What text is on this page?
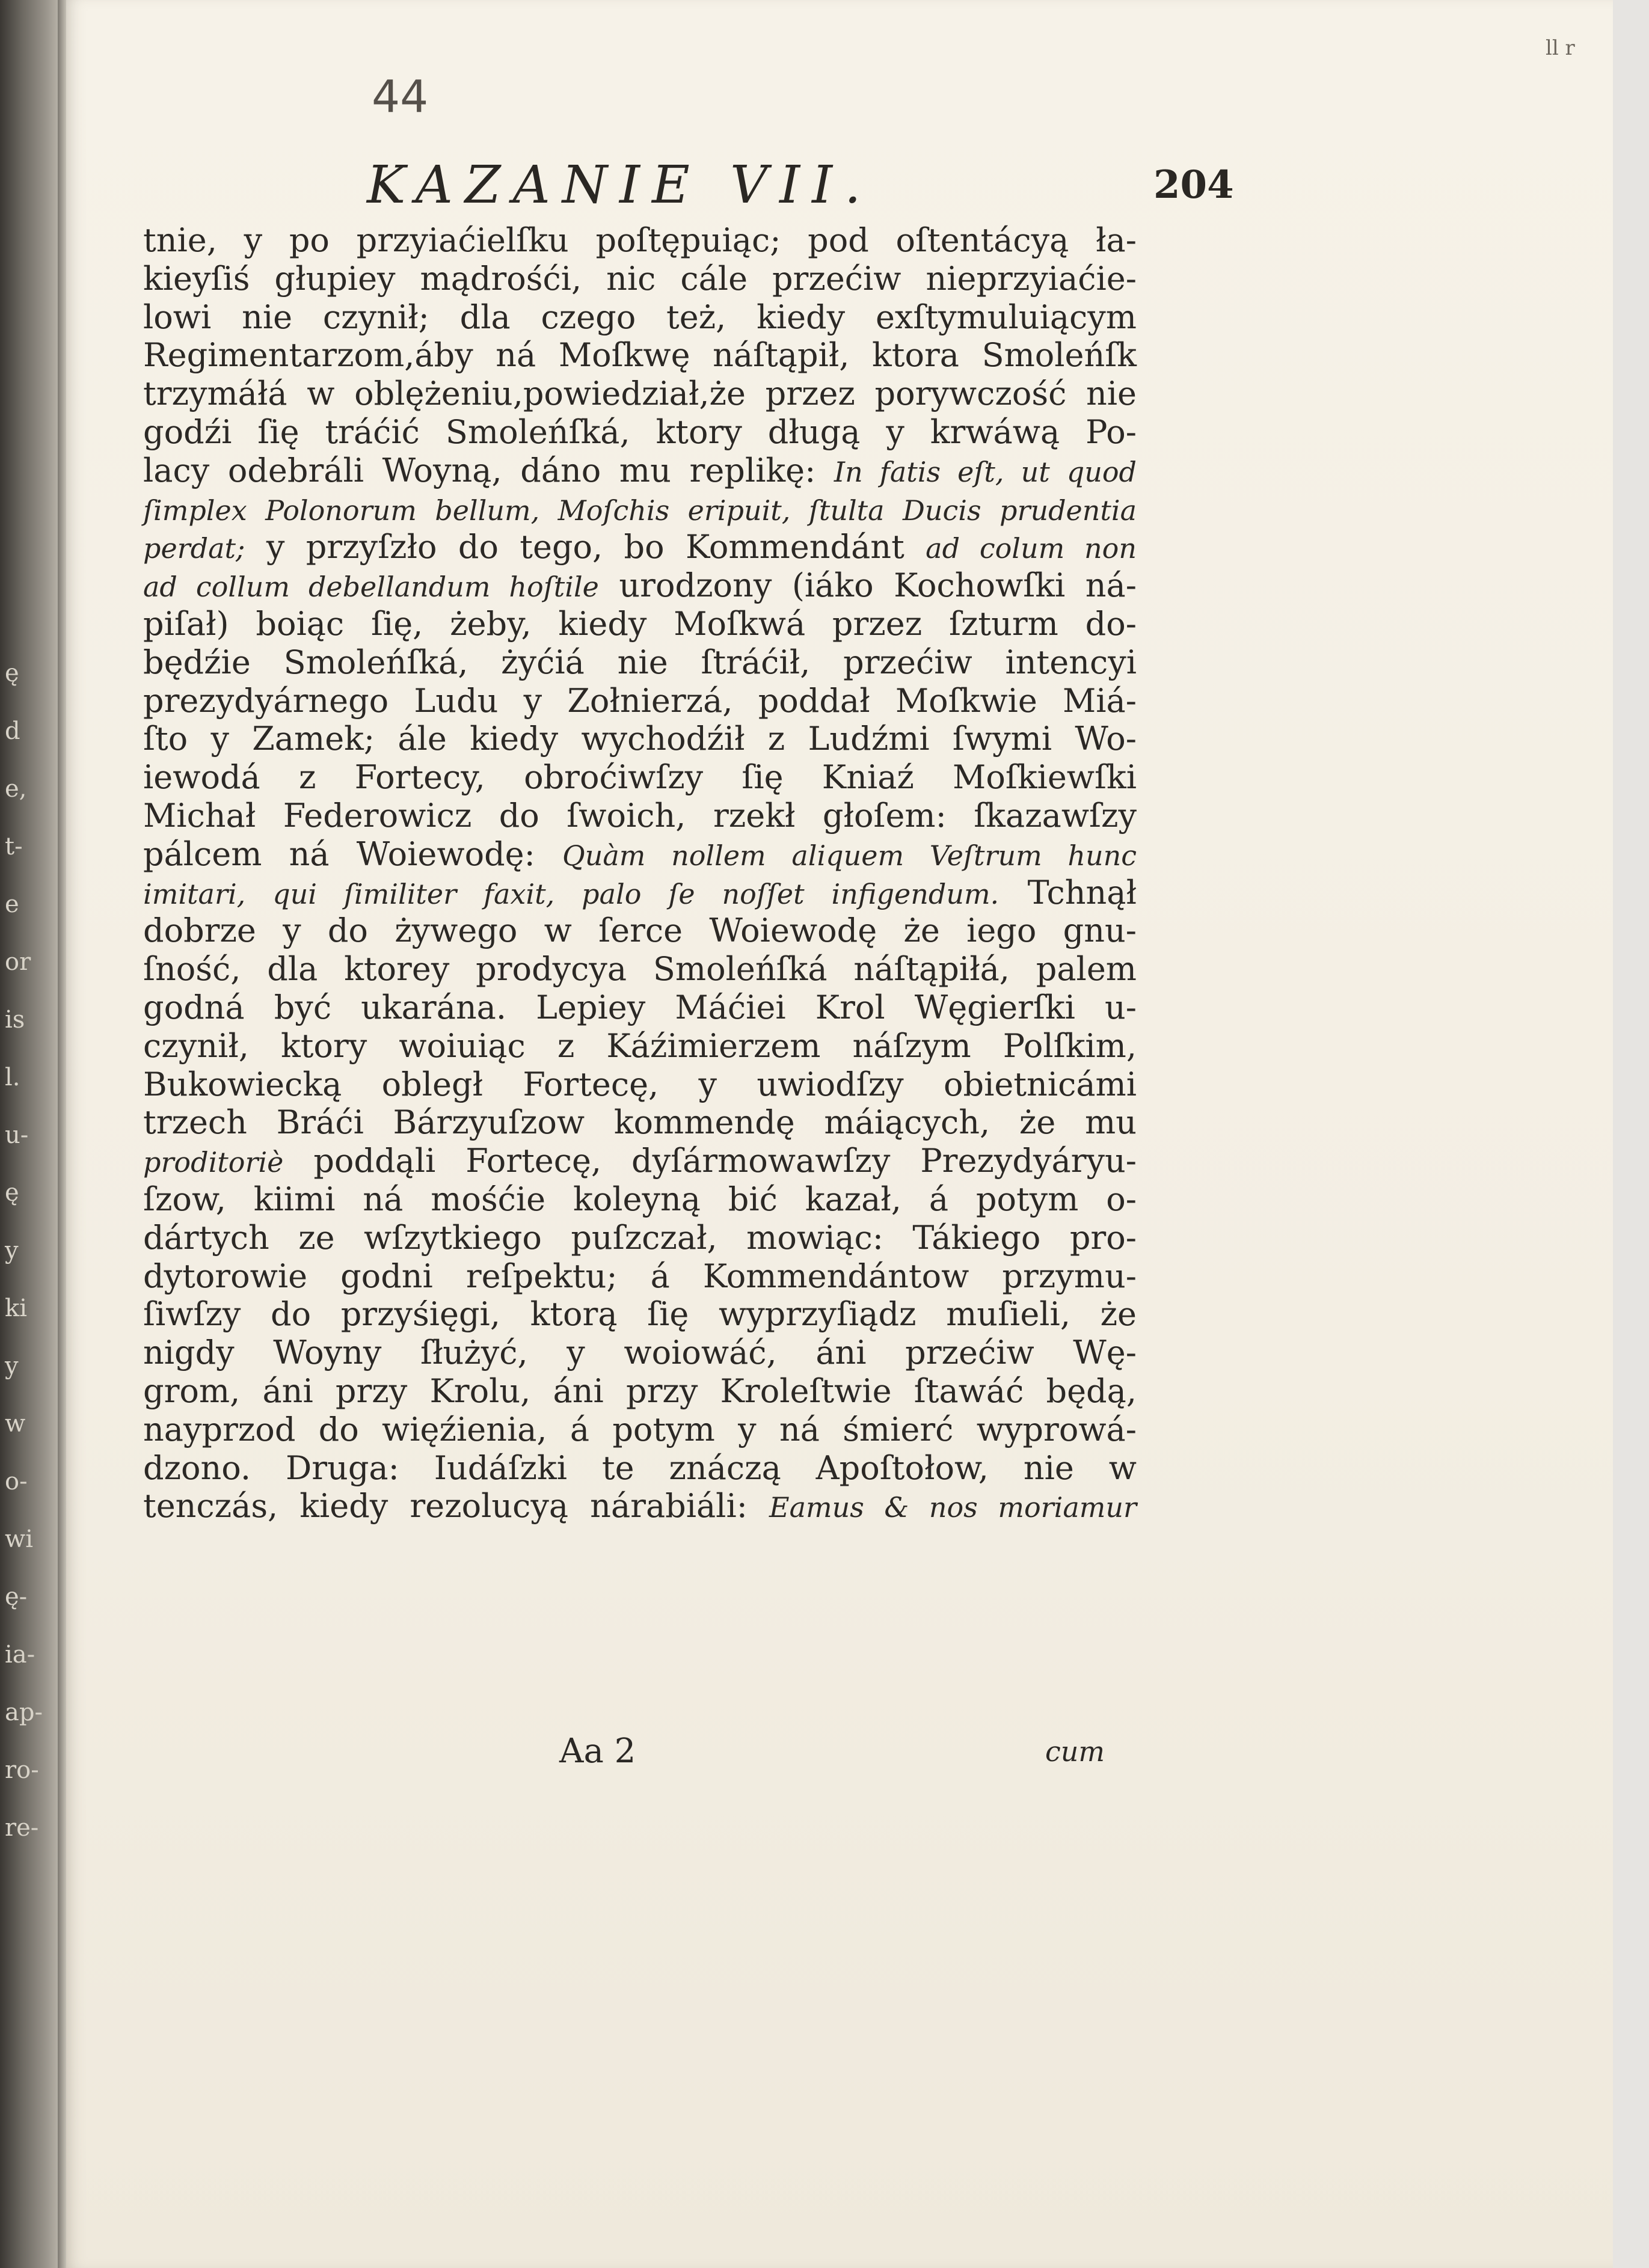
ę
d
e,
t-
e
or
is
l.
u-
ę
y
ki
y
w
o-
wi
ę-
ia-
ap-
ro-
re-
44
ll r
KAZANIE VII.	204
tnie, y po przyiaćielſku poſtępuiąc; pod oſtentácyą ła-
kieyſiś głupiey mądrośći, nic cále przećiw nieprzyiaćie-
lowi nie czynił; dla czego też, kiedy exſtymuluiącym
Regimentarzom,áby ná Moſkwę náſtąpił, ktora Smoleńſk
trzymáłá w oblężeniu,powiedział,że przez porywczość nie
godźi ſię tráćić Smoleńſká, ktory długą y krwáwą Po-
lacy odebráli Woyną, dáno mu replikę: In fatis eſt, ut quod
ſimplex Polonorum bellum, Moſchis eripuit, ſtulta Ducis prudentia
perdat; y przyſzło do tego, bo Kommendánt ad colum non
ad collum debellandum hoſtile urodzony (iáko Kochowſki ná-
piſał) boiąc ſię, żeby, kiedy Moſkwá przez ſzturm do-
będźie Smoleńſká, żyćiá nie ſtráćił, przećiw intencyi
prezydyárnego Ludu y Zołnierzá, poddał Moſkwie Miá-
ſto y Zamek; ále kiedy wychodźił z Ludźmi ſwymi Wo-
iewodá z Fortecy, obroćiwſzy ſię Kniaź Moſkiewſki
Michał Federowicz do ſwoich, rzekł głoſem: ſkazawſzy
pálcem ná Woiewodę: Quàm nollem aliquem Veſtrum hunc
imitari, qui ſimiliter faxit, palo ſe noſſet infigendum. Tchnął
dobrze y do żywego w ſerce Woiewodę że iego gnu-
ſność, dla ktorey prodycya Smoleńſká náſtąpiłá, palem
godná być ukarána. Lepiey Máćiei Krol Węgierſki u-
czynił, ktory woiuiąc z Káźimierzem náſzym Polſkim,
Bukowiecką obległ Fortecę, y uwiodſzy obietnicámi
trzech Bráći Bárzyuſzow kommendę máiących, że mu
proditoriè poddąli Fortecę, dyſármowawſzy Prezydyáryu-
ſzow, kiimi ná mośćie koleyną bić kazał, á potym o-
dártych ze wſzytkiego puſzczał, mowiąc: Tákiego pro-
dytorowie godni reſpektu; á Kommendántow przymu-
ſiwſzy do przyśięgi, ktorą ſię wyprzyſiądz muſieli, że
nigdy Woyny ſłużyć, y woiowáć, áni przećiw Wę-
grom, áni przy Krolu, áni przy Kroleſtwie ſtawáć będą,
nayprzod do więźienia, á potym y ná śmierć wyprowá-
dzono. Druga: Iudáſzki te znáczą Apoſtołow, nie w
tenczás, kiedy rezolucyą nárabiáli: Eamus & nos moriamur
Aa 2	cum
